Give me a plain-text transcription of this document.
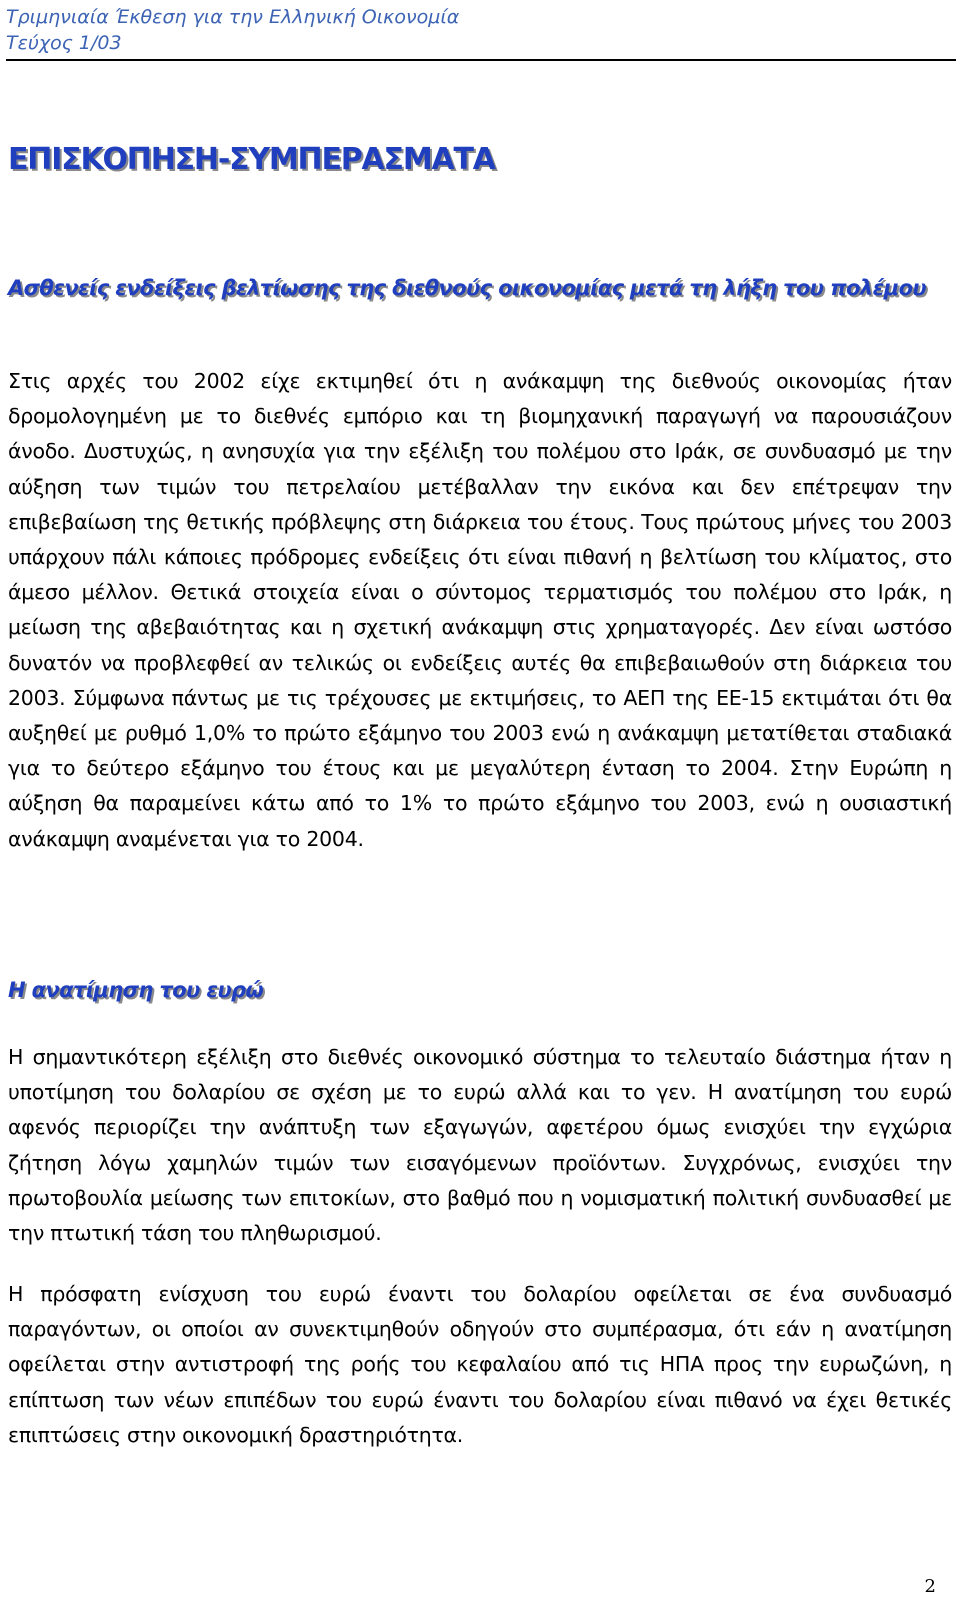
Τριμηνιαία Έκθεση για την Ελληνική Οικονομία
Τεύχος 1/03
ΕΠΙΣΚΟΠΗΣΗ-ΣΥΜΠΕΡΑΣΜΑΤΑ
Ασθενείς ενδείξεις βελτίωσης της διεθνούς οικονομίας μετά τη λήξη του πολέμου

Στις αρχές του 2002 είχε εκτιμηθεί ότι η ανάκαμψη της διεθνούς οικονομίας ήταν δρομολογημένη με το διεθνές εμπόριο και τη βιομηχανική παραγωγή να παρουσιάζουν άνοδο. Δυστυχώς, η ανησυχία για την εξέλιξη του πολέμου στο Ιράκ, σε συνδυασμό με την αύξηση των τιμών του πετρελαίου μετέβαλλαν την εικόνα και δεν επέτρεψαν την επιβεβαίωση της θετικής πρόβλεψης στη διάρκεια του έτους. Τους πρώτους μήνες του 2003 υπάρχουν πάλι κάποιες πρόδρομες ενδείξεις ότι είναι πιθανή η βελτίωση του κλίματος, στο άμεσο μέλλον. Θετικά στοιχεία είναι ο σύντομος τερματισμός του πολέμου στο Ιράκ, η μείωση της αβεβαιότητας και η σχετική ανάκαμψη στις χρηματαγορές. Δεν είναι ωστόσο δυνατόν να προβλεφθεί αν τελικώς οι ενδείξεις αυτές θα επιβεβαιωθούν στη διάρκεια του 2003. Σύμφωνα πάντως με τις τρέχουσες με εκτιμήσεις, το ΑΕΠ της ΕΕ-15 εκτιμάται ότι θα αυξηθεί με ρυθμό 1,0% το πρώτο εξάμηνο του 2003 ενώ η ανάκαμψη μετατίθεται σταδιακά για το δεύτερο εξάμηνο του έτους και με μεγαλύτερη ένταση το 2004. Στην Ευρώπη η αύξηση θα παραμείνει κάτω από το 1% το πρώτο εξάμηνο του 2003, ενώ η ουσιαστική ανάκαμψη αναμένεται για το 2004.

Η ανατίμηση του ευρώ

Η σημαντικότερη εξέλιξη στο διεθνές οικονομικό σύστημα το τελευταίο διάστημα ήταν η υποτίμηση του δολαρίου σε σχέση με το ευρώ αλλά και το γεν. Η ανατίμηση του ευρώ αφενός περιορίζει την ανάπτυξη των εξαγωγών, αφετέρου όμως ενισχύει την εγχώρια ζήτηση λόγω χαμηλών τιμών των εισαγόμενων προϊόντων. Συγχρόνως, ενισχύει την πρωτοβουλία μείωσης των επιτοκίων, στο βαθμό που η νομισματική πολιτική συνδυασθεί με την πτωτική τάση του πληθωρισμού.

Η πρόσφατη ενίσχυση του ευρώ έναντι του δολαρίου οφείλεται σε ένα συνδυασμό παραγόντων, οι οποίοι αν συνεκτιμηθούν οδηγούν στο συμπέρασμα, ότι εάν η ανατίμηση οφείλεται στην αντιστροφή της ροής του κεφαλαίου από τις ΗΠΑ προς την ευρωζώνη, η επίπτωση των νέων επιπέδων του ευρώ έναντι του δολαρίου είναι πιθανό να έχει θετικές επιπτώσεις στην οικονομική δραστηριότητα.

2
